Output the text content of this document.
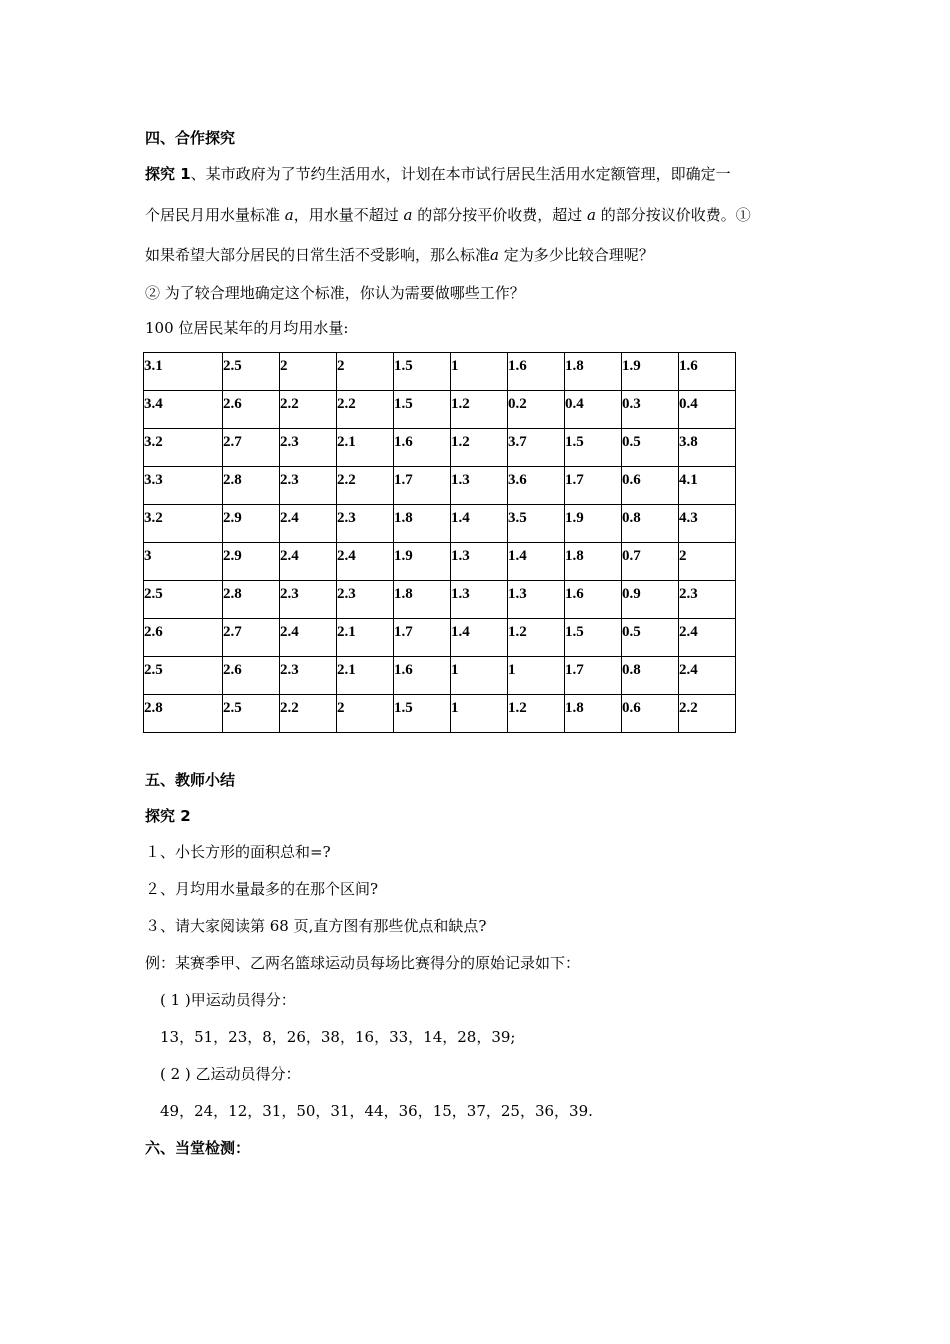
四、合作探究
探究 1、某市政府为了节约生活用水，计划在本市试行居民生活用水定额管理，即确定一
个居民月用水量标准 a，用水量不超过 a 的部分按平价收费，超过 a 的部分按议价收费。①
如果希望大部分居民的日常生活不受影响，那么标准a 定为多少比较合理呢？
② 为了较合理地确定这个标准，你认为需要做哪些工作？
100 位居民某年的月均用水量:
3.1	2.5	2	2	1.5	1	1.6	1.8	1.9	1.6
3.4	2.6	2.2	2.2	1.5	1.2	0.2	0.4	0.3	0.4
3.2	2.7	2.3	2.1	1.6	1.2	3.7	1.5	0.5	3.8
3.3	2.8	2.3	2.2	1.7	1.3	3.6	1.7	0.6	4.1
3.2	2.9	2.4	2.3	1.8	1.4	3.5	1.9	0.8	4.3
3	2.9	2.4	2.4	1.9	1.3	1.4	1.8	0.7	2
2.5	2.8	2.3	2.3	1.8	1.3	1.3	1.6	0.9	2.3
2.6	2.7	2.4	2.1	1.7	1.4	1.2	1.5	0.5	2.4
2.5	2.6	2.3	2.1	1.6	1	1	1.7	0.8	2.4
2.8	2.5	2.2	2	1.5	1	1.2	1.8	0.6	2.2
五、教师小结
探究 2
１、小长方形的面积总和=?
２、月均用水量最多的在那个区间?
３、请大家阅读第 68 页,直方图有那些优点和缺点?
例：某赛季甲、乙两名篮球运动员每场比赛得分的原始记录如下：
( 1 )甲运动员得分：
13，51，23，8，26，38，16，33，14，28，39;
( 2 ) 乙运动员得分：
49，24，12，31，50，31，44，36，15，37，25，36，39.
六、当堂检测：
